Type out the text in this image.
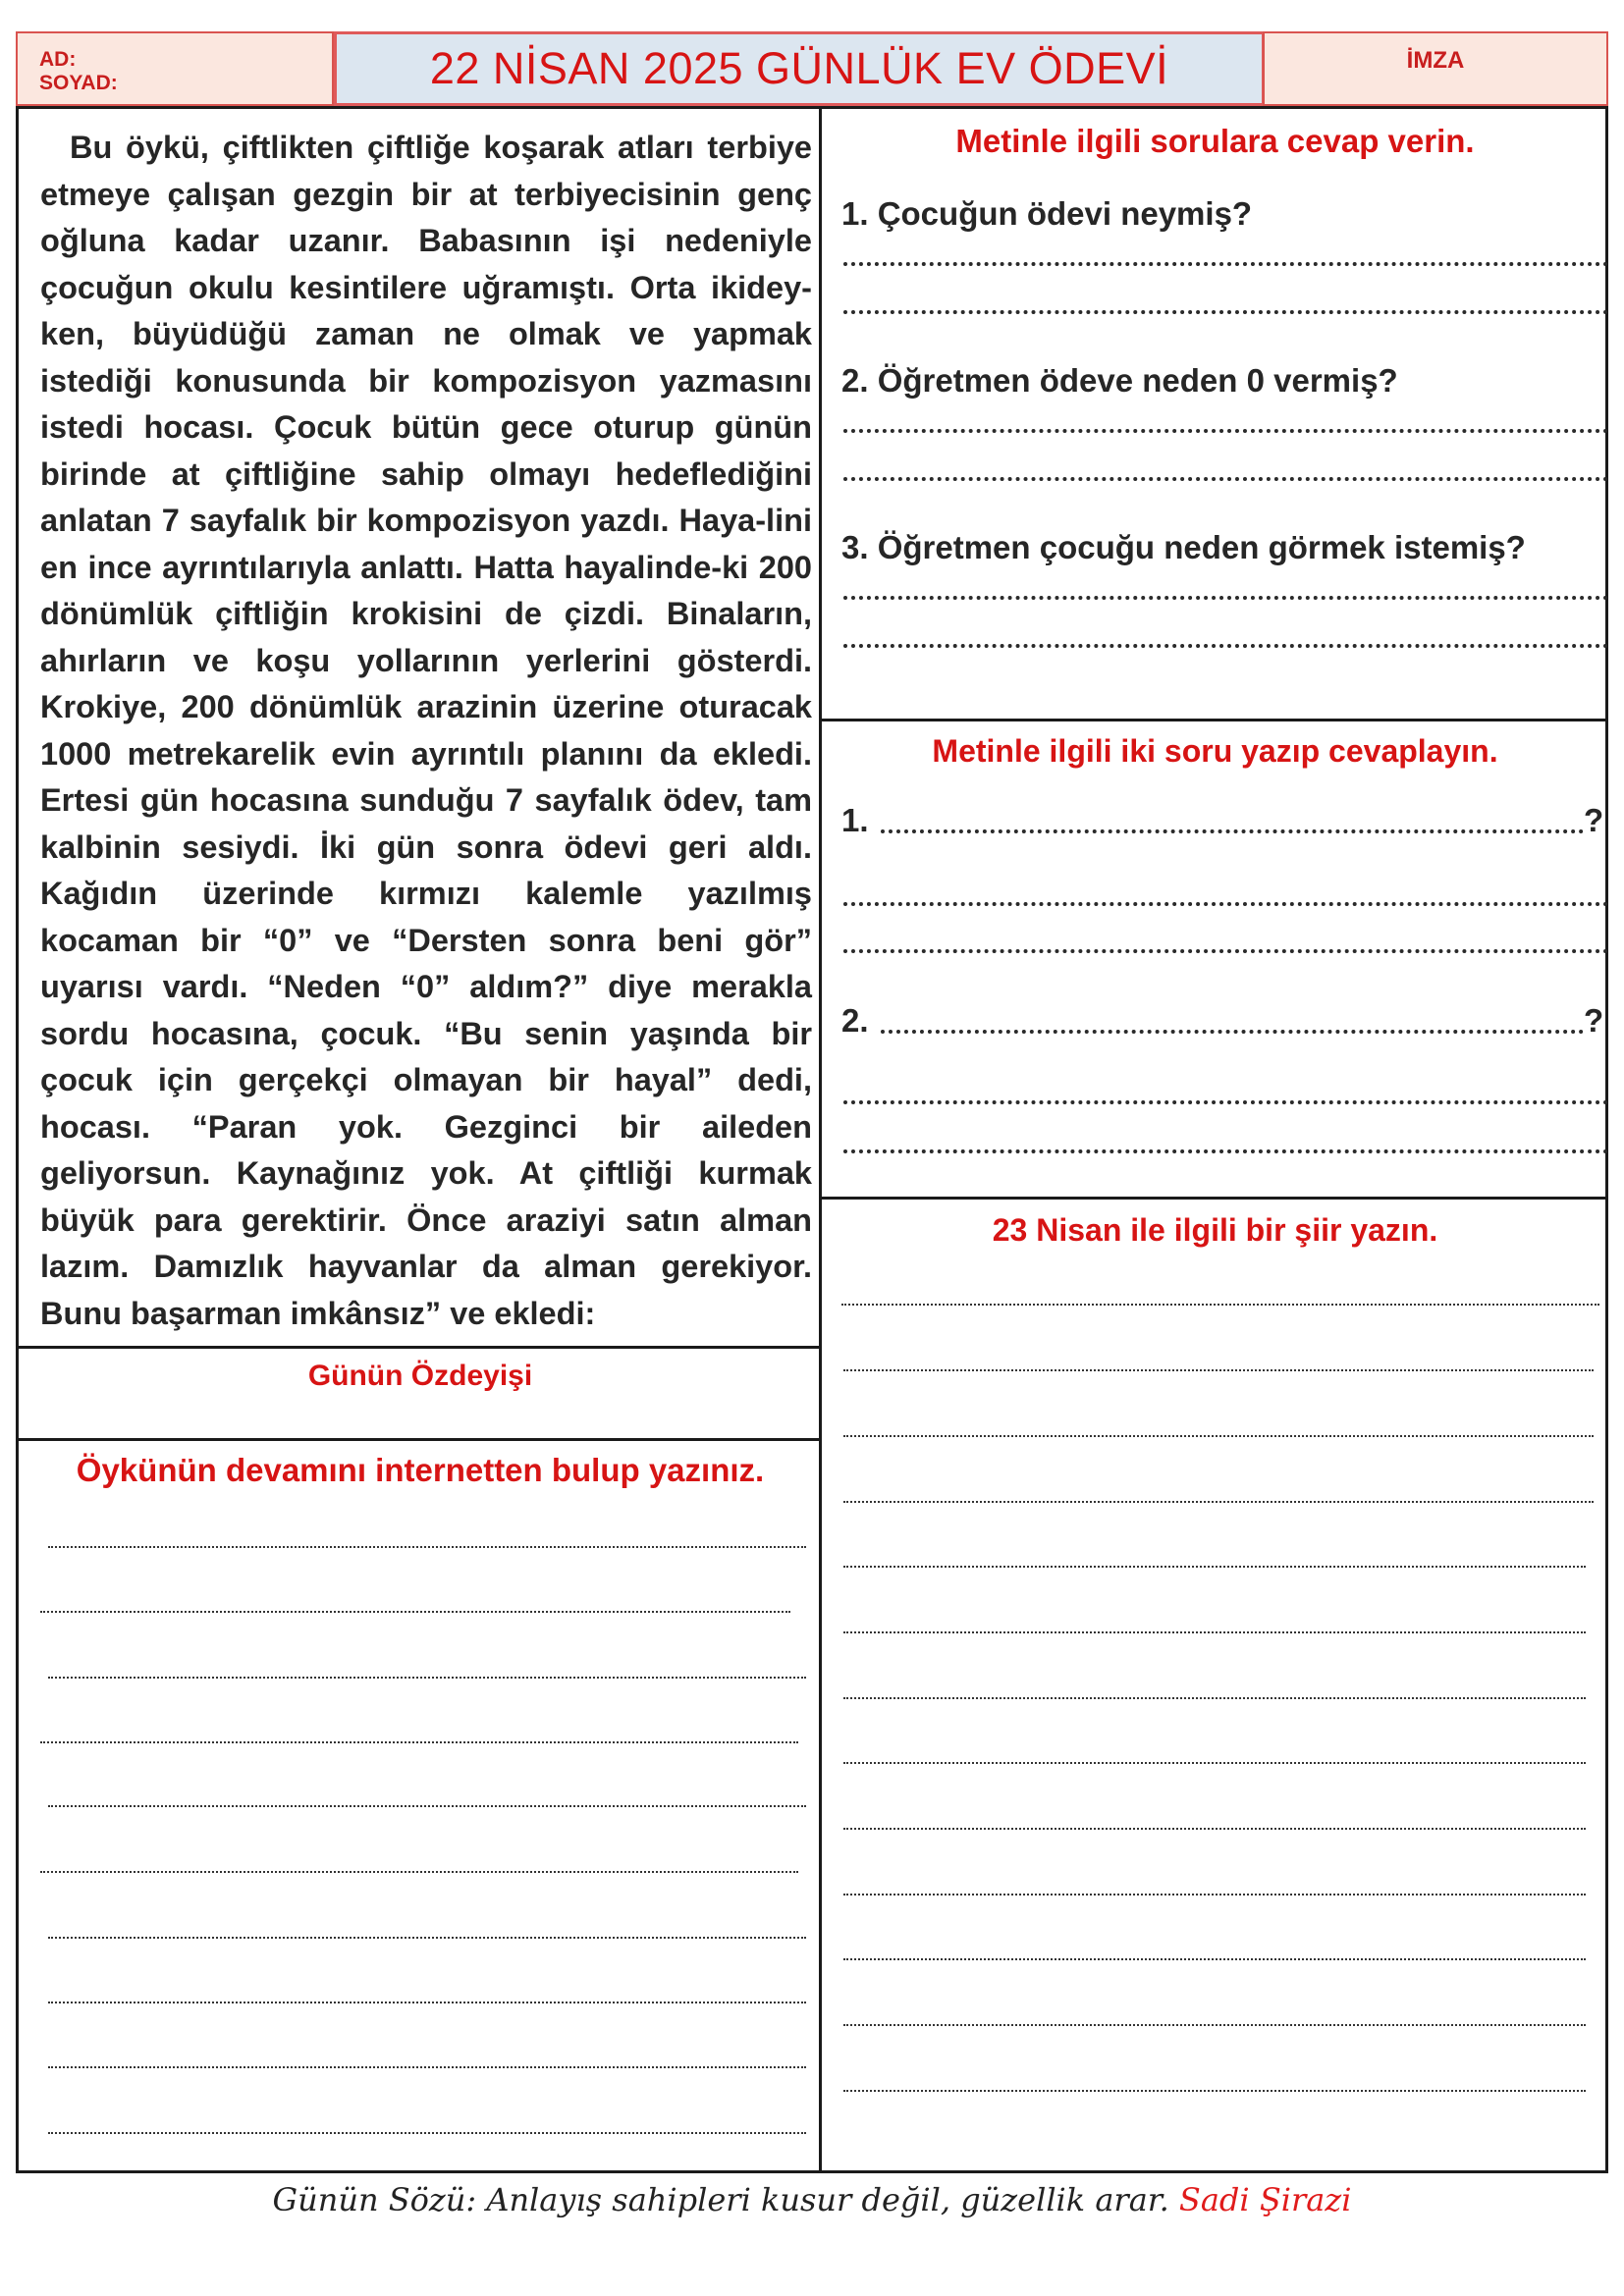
AD:
SOYAD:	22 NİSAN 2025 GÜNLÜK EV ÖDEVİ	İMZA
Bu öykü, çiftlikten çiftliğe koşarak atları terbiye etmeye çalışan gezgin bir at terbiyecisinin genç oğluna kadar uzanır. Babasının işi nedeniyle çocuğun okulu kesintilere uğramıştı. Orta ikidey-ken, büyüdüğü zaman ne olmak ve yapmak istediği konusunda bir kompozisyon yazmasını istedi hocası. Çocuk bütün gece oturup günün birinde at çiftliğine sahip olmayı hedeflediğini anlatan 7 sayfalık bir kompozisyon yazdı. Haya-lini en ince ayrıntılarıyla anlattı. Hatta hayalinde-ki 200 dönümlük çiftliğin krokisini de çizdi. Binaların, ahırların ve koşu yollarının yerlerini gösterdi. Krokiye, 200 dönümlük arazinin üzerine oturacak 1000 metrekarelik evin ayrıntılı planını da ekledi. Ertesi gün hocasına sunduğu 7 sayfalık ödev, tam kalbinin sesiydi. İki gün sonra ödevi geri aldı. Kağıdın üzerinde kırmızı kalemle yazılmış kocaman bir “0” ve “Dersten sonra beni gör” uyarısı vardı. “Neden “0” aldım?” diye merakla sordu hocasına, çocuk. “Bu senin yaşında bir çocuk için gerçekçi olmayan bir hayal” dedi, hocası. “Paran yok. Gezginci bir aileden geliyorsun. Kaynağınız yok. At çiftliği kurmak büyük para gerektirir. Önce araziyi satın alman lazım. Damızlık hayvanlar da alman gerekiyor. Bunu başarman imkânsız” ve ekledi:
Günün Özdeyişi
Öykünün devamını internetten bulup yazınız.
Metinle ilgili sorulara cevap verin.
1. Çocuğun ödevi neymiş?
2. Öğretmen ödeve neden 0 vermiş?
3. Öğretmen çocuğu neden görmek istemiş?
Metinle ilgili iki soru yazıp cevaplayın.
1.	?
2.	?
23 Nisan ile ilgili bir şiir yazın.
Günün Sözü: Anlayış sahipleri kusur değil, güzellik arar. Sadi Şirazi
